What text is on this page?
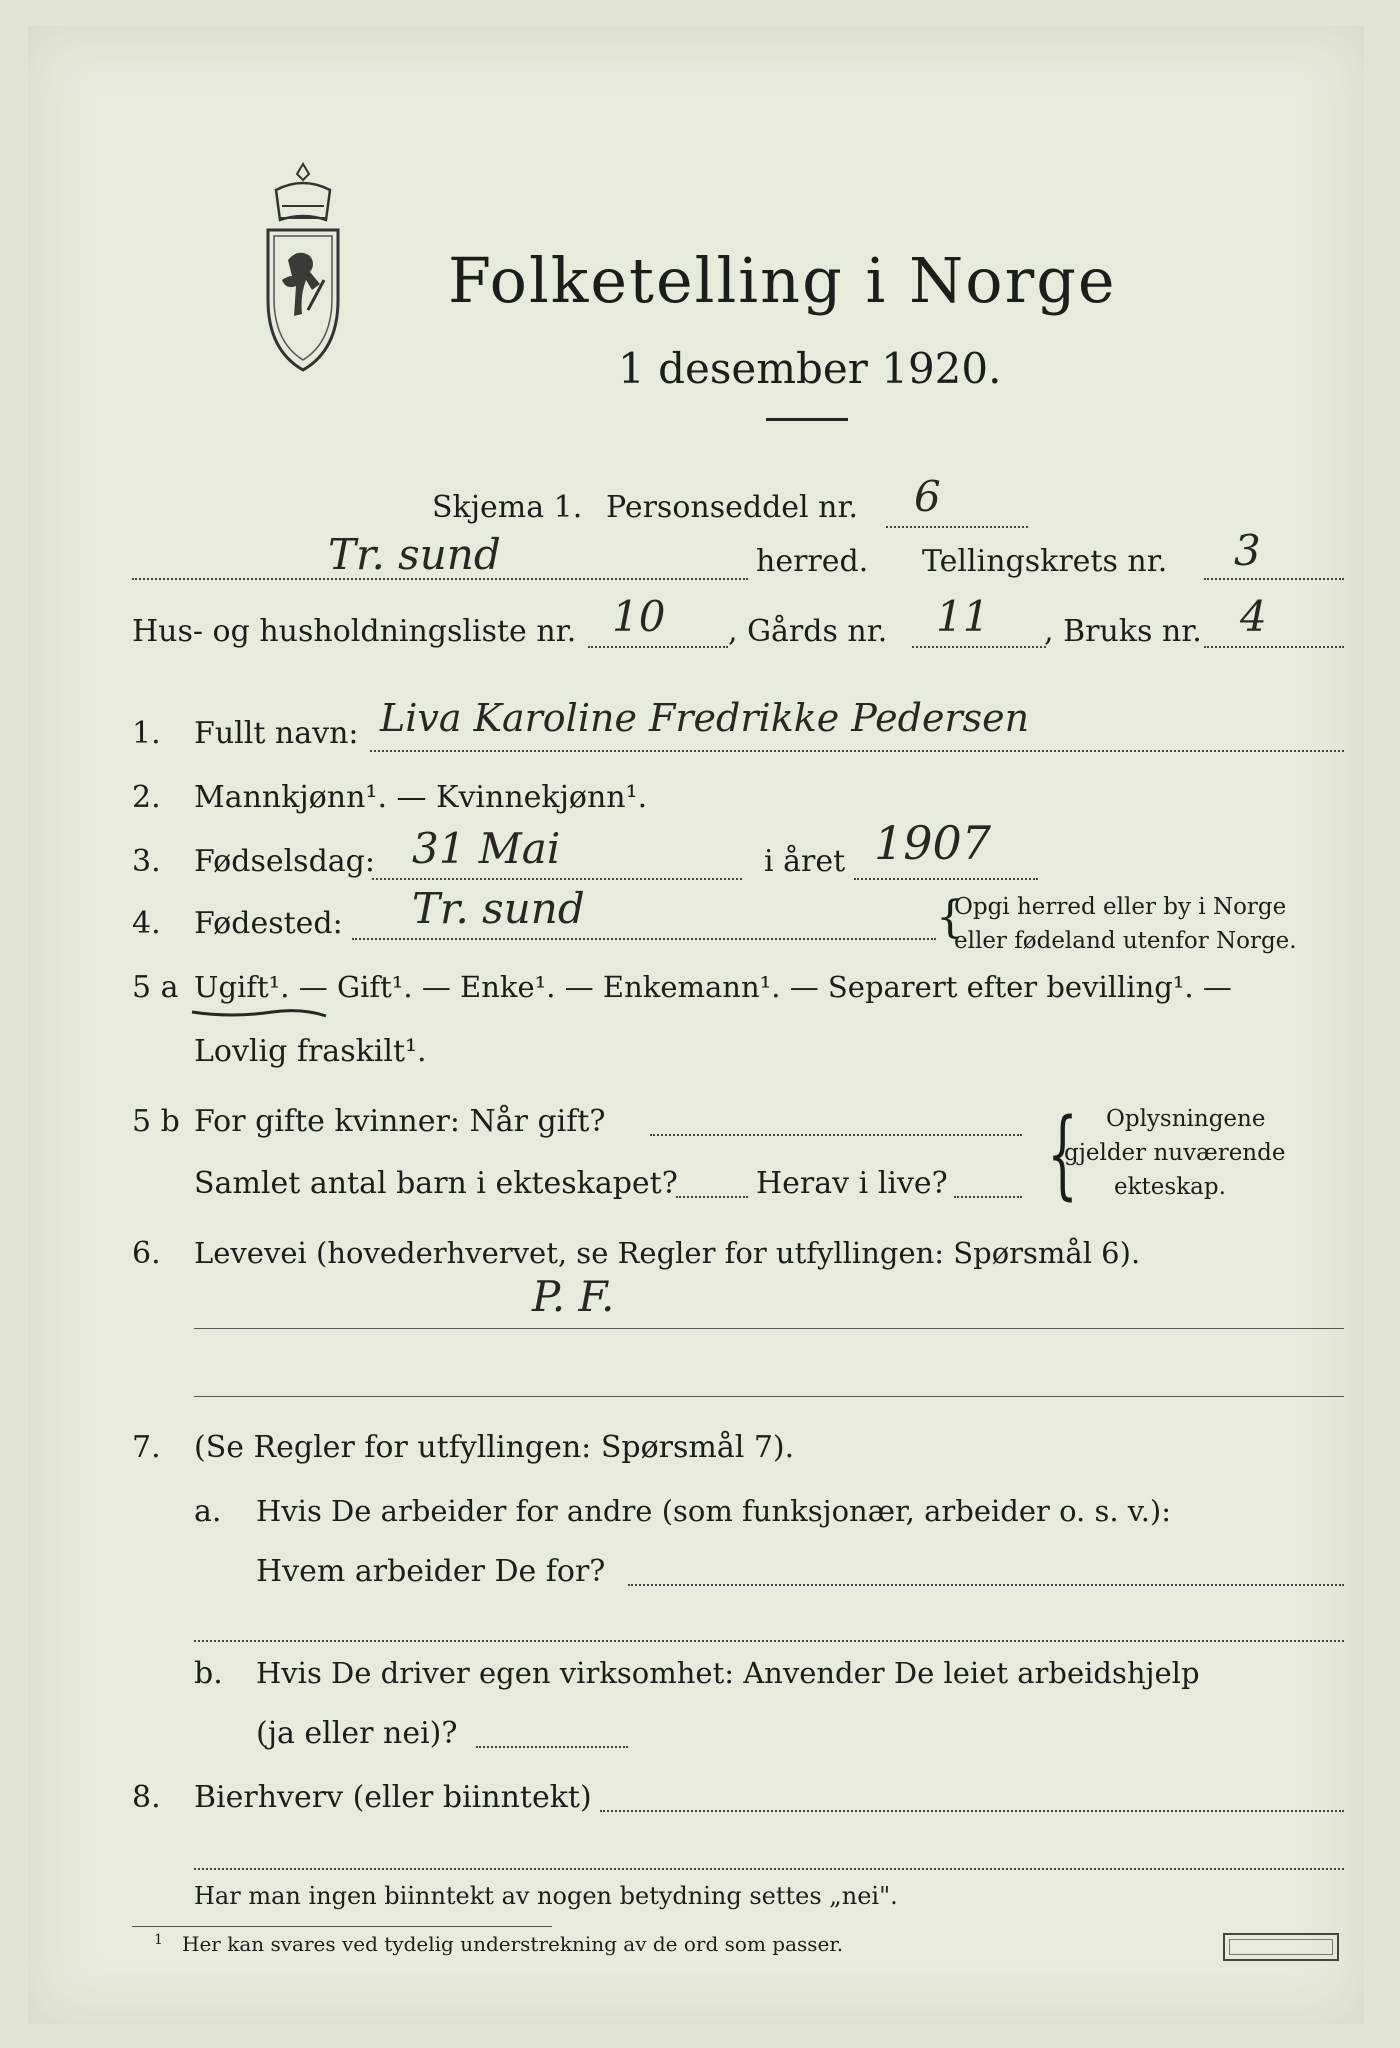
Folketelling i Norge
1 desember 1920.
Skjema 1. Personseddel nr. 6
Tr. sund	herred. Tellingskrets nr. 3
Hus- og husholdningsliste nr. 10 , Gårds nr. 11 , Bruks nr. 4
1. Fullt navn: Liva Karoline Fredrikke Pedersen
2. Mannkjønn¹. — Kvinnekjønn¹.
3. Fødselsdag: 31 Mai	i året 1907
4. Fødested: Tr. sund	{
Opgi herred eller by i Norge
eller fødeland utenfor Norge.
5 a Ugift¹. — Gift¹. — Enke¹. — Enkemann¹. — Separert efter bevilling¹. —
Lovlig fraskilt¹.
5 b For gifte kvinner: Når gift?
Samlet antal barn i ekteskapet?	Herav i live? { Oplysningene
gjelder nuværende
ekteskap.
6. Levevei (hovederhvervet, se Regler for utfyllingen: Spørsmål 6).
P. F.
7. (Se Regler for utfyllingen: Spørsmål 7).
a. Hvis De arbeider for andre (som funksjonær, arbeider o. s. v.):
Hvem arbeider De for?
b. Hvis De driver egen virksomhet: Anvender De leiet arbeidshjelp
(ja eller nei)?
8. Bierhverv (eller biinntekt)
Har man ingen biinntekt av nogen betydning settes „nei".
1 Her kan svares ved tydelig understrekning av de ord som passer.
